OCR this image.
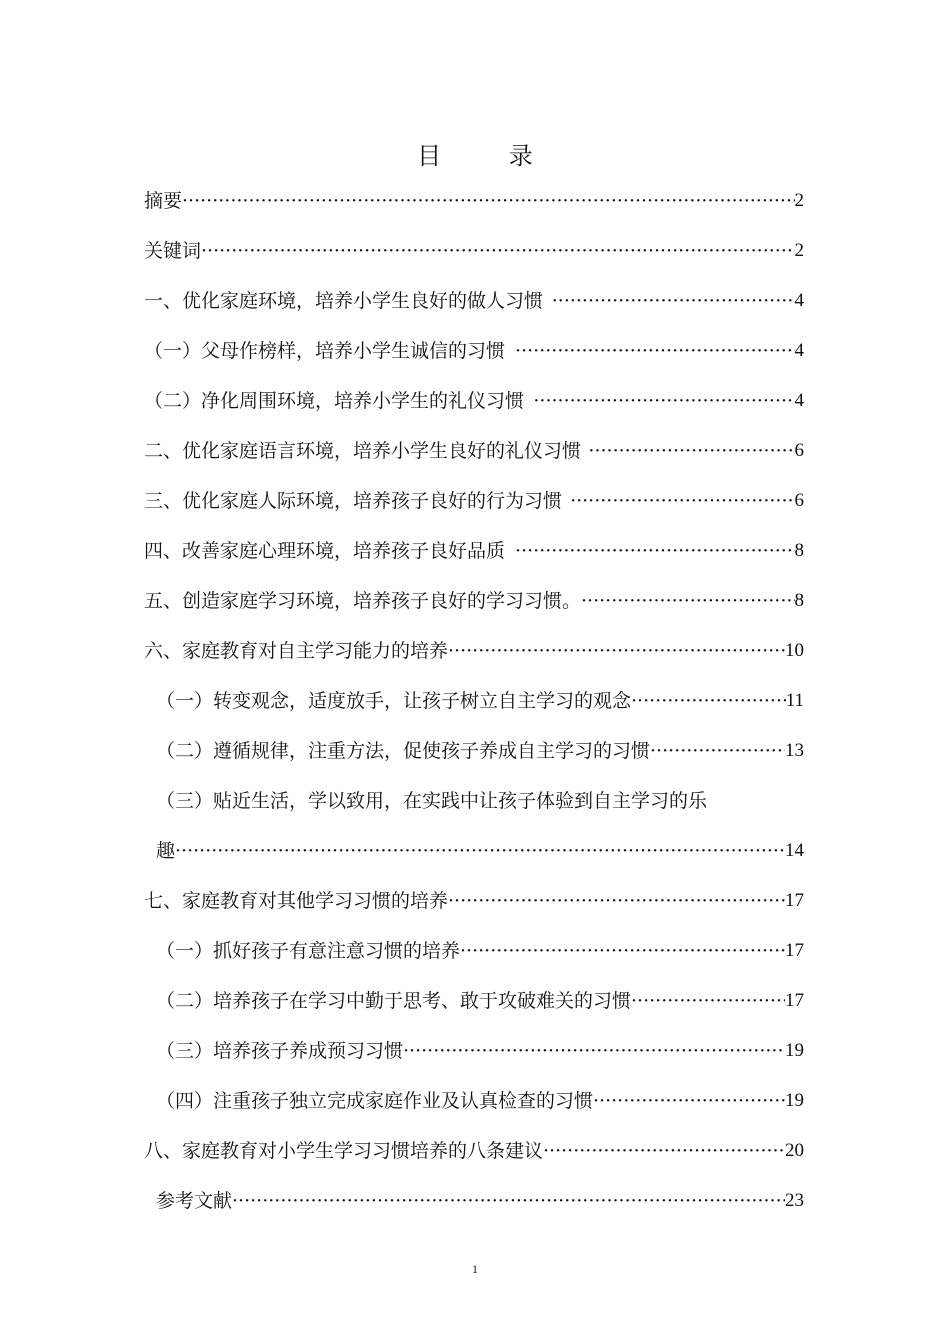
目 录
摘要 ·····	2
关键词 ·····	2
一、 优化家庭环境，培养小学生良好的做人习惯 ·····	4
（一）父母作榜样，培养小学生诚信的习惯 ·····	4
（二）净化周围环境，培养小学生的礼仪习惯 ·····	4
二、优化家庭语言环境，培养小学生良好的礼仪习惯 ·····	6
三、优化家庭人际环境，培养孩子良好的行为习惯 ·····	6
四、改善家庭心理环境，培养孩子良好品质 ·····	8
五、创造家庭学习环境，培养孩子良好的学习习惯。 ·····	8
六、家庭教育对自主学习能力的培养 ·····	10
（一）转变观念，适度放手，让孩子树立自主学习的观念 ·····	11
（二）遵循规律，注重方法，促使孩子养成自主学习的习惯 ·····	13
（三）贴近生活，学以致用，在实践中让孩子体验到自主学习的乐
趣 ·····	14
七、家庭教育对其他学习习惯的培养 ·····	17
（一）抓好孩子有意注意习惯的培养 ·····	17
（二）培养孩子在学习中勤于思考、敢于攻破难关的习惯 ·····	17
（三）培养孩子养成预习习惯 ·····	19
（四）注重孩子独立完成家庭作业及认真检查的习惯 ·····	19
八、家庭教育对小学生学习习惯培养的八条建议 ·····	20
参考文献 ·····	23
1
